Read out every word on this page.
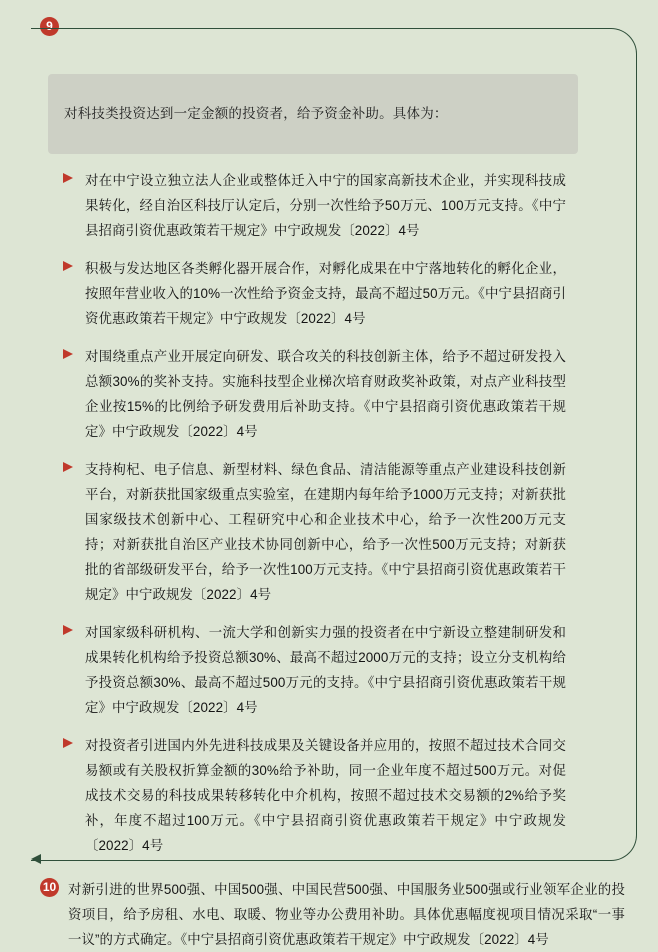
9
对科技类投资达到一定金额的投资者，给予资金补助。具体为：
对在中宁设立独立法人企业或整体迁入中宁的国家高新技术企业，并实现科技成果转化，经自治区科技厅认定后，分别一次性给予50万元、100万元支持。《中宁县招商引资优惠政策若干规定》中宁政规发〔2022〕4号
积极与发达地区各类孵化器开展合作，对孵化成果在中宁落地转化的孵化企业，按照年营业收入的10%一次性给予资金支持，最高不超过50万元。《中宁县招商引资优惠政策若干规定》中宁政规发〔2022〕4号
对围绕重点产业开展定向研发、联合攻关的科技创新主体，给予不超过研发投入总额30%的奖补支持。实施科技型企业梯次培育财政奖补政策，对点产业科技型企业按15%的比例给予研发费用后补助支持。《中宁县招商引资优惠政策若干规定》中宁政规发〔2022〕4号
支持枸杞、电子信息、新型材料、绿色食品、清洁能源等重点产业建设科技创新平台，对新获批国家级重点实验室，在建期内每年给予1000万元支持；对新获批国家级技术创新中心、工程研究中心和企业技术中心，给予一次性200万元支持；对新获批自治区产业技术协同创新中心，给予一次性500万元支持；对新获批的省部级研发平台，给予一次性100万元支持。《中宁县招商引资优惠政策若干规定》中宁政规发〔2022〕4号
对国家级科研机构、一流大学和创新实力强的投资者在中宁新设立整建制研发和成果转化机构给予投资总额30%、最高不超过2000万元的支持；设立分支机构给予投资总额30%、最高不超过500万元的支持。《中宁县招商引资优惠政策若干规定》中宁政规发〔2022〕4号
对投资者引进国内外先进科技成果及关键设备并应用的，按照不超过技术合同交易额或有关股权折算金额的30%给予补助，同一企业年度不超过500万元。对促成技术交易的科技成果转移转化中介机构，按照不超过技术交易额的2%给予奖补，年度不超过100万元。《中宁县招商引资优惠政策若干规定》中宁政规发〔2022〕4号
10 对新引进的世界500强、中国500强、中国民营500强、中国服务业500强或行业领军企业的投资项目，给予房租、水电、取暖、物业等办公费用补助。具体优惠幅度视项目情况采取“一事一议”的方式确定。《中宁县招商引资优惠政策若干规定》中宁政规发〔2022〕4号
